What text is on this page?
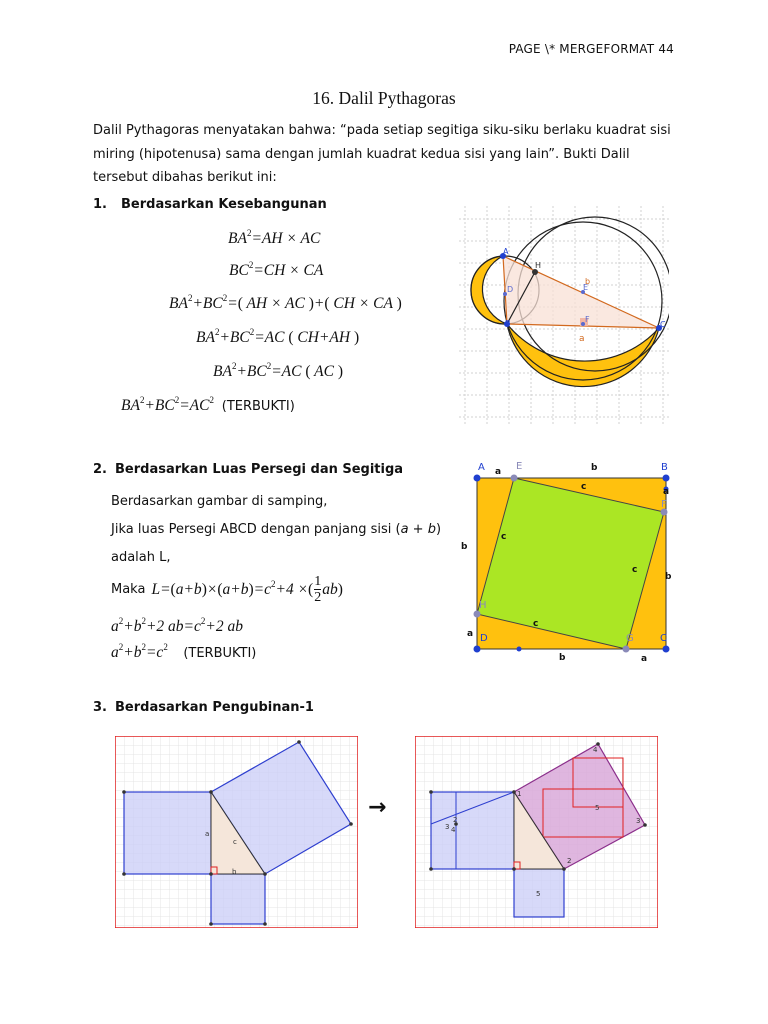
PAGE \* MERGEFORMAT 44
16. Dalil Pythagoras
Dalil Pythagoras menyatakan bahwa: “pada setiap segitiga siku-siku berlaku kuadrat sisi miring (hipotenusa) sama dengan jumlah kuadrat kedua sisi yang lain”. Bukti Dalil tersebut dibahas berikut ini:
1. Berdasarkan Kesebangunan
$BA^2=AH$ × AC
$BC^2=CH$ × CA
$BA^2+BC^2=$( AH × AC )+( CH × CA )
$BA^2+BC^2=AC$ ( CH+AH )
$BA^2+BC^2=AC$ ( AC )
$BA^2+BC^2=AC^2$ (TERBUKTI)
A
B	C
D	E
F
H
a
b
2. Berdasarkan Luas Persegi dan Segitiga
Berdasarkan gambar di samping,
Jika luas Persegi ABCD dengan panjang sisi (a + b)
adalah L,
Maka $L=(a+b)\times(a+b)=c^2+4$ ×( $\frac{1}{2} ab$)
$a^2+b^2+2$ $ab=c^2+2$ ab
$a^2+b^2=c^2$ (TERBUKTI)
A	E	B
F
C
D	G
H
a	b
a
b
b
a
b	a
c
c
c
c
3. Berdasarkan Pengubinan-1
a
b
c
→
1
2
2
3
3
4
4
5
5
